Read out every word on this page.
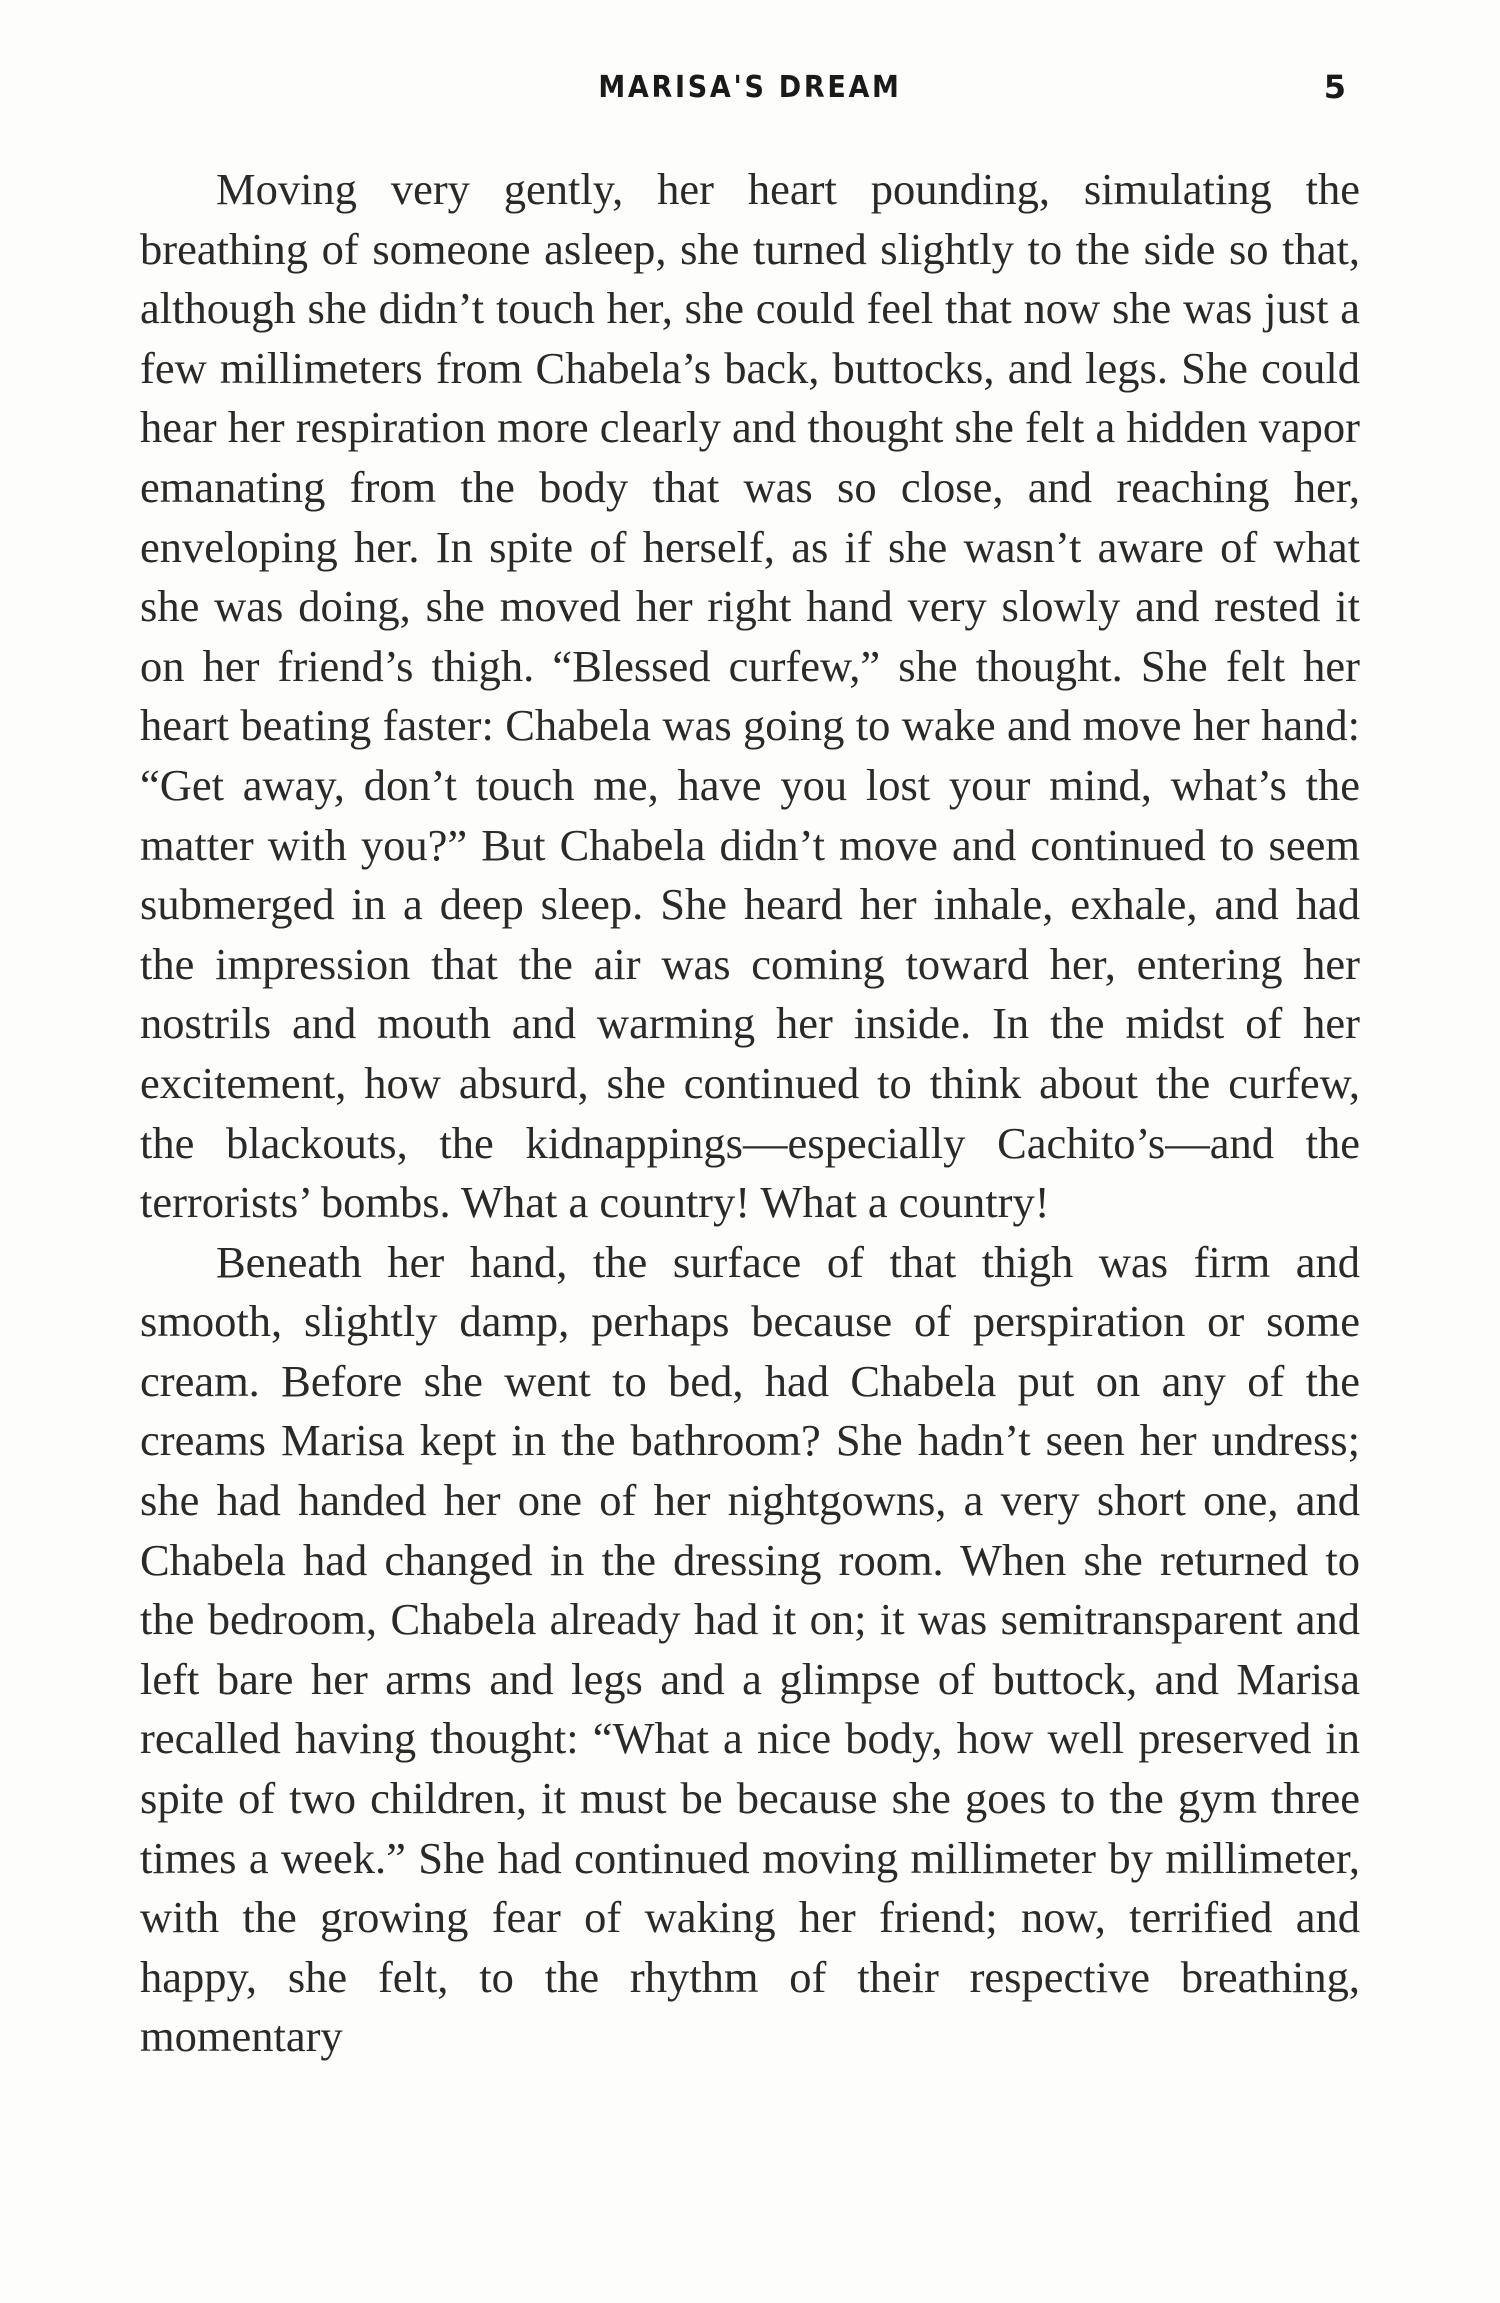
MARISA'S DREAM	5

Moving very gently, her heart pounding, simulating the breathing of someone asleep, she turned slightly to the side so that, although she didn’t touch her, she could feel that now she was just a few millimeters from Chabela’s back, buttocks, and legs. She could hear her respiration more clearly and thought she felt a hidden vapor emanating from the body that was so close, and reaching her, enveloping her. In spite of herself, as if she wasn’t aware of what she was doing, she moved her right hand very slowly and rested it on her friend’s thigh. “Blessed curfew,” she thought. She felt her heart beating faster: Chabela was going to wake and move her hand: “Get away, don’t touch me, have you lost your mind, what’s the matter with you?” But Chabela didn’t move and continued to seem submerged in a deep sleep. She heard her inhale, exhale, and had the impression that the air was coming toward her, entering her nostrils and mouth and warming her inside. In the midst of her excitement, how absurd, she continued to think about the curfew, the blackouts, the kidnappings—especially Cachito’s—and the terrorists’ bombs. What a country! What a country!

Beneath her hand, the surface of that thigh was firm and smooth, slightly damp, perhaps because of perspiration or some cream. Before she went to bed, had Chabela put on any of the creams Marisa kept in the bathroom? She hadn’t seen her undress; she had handed her one of her nightgowns, a very short one, and Chabela had changed in the dressing room. When she returned to the bedroom, Chabela already had it on; it was semitransparent and left bare her arms and legs and a glimpse of buttock, and Marisa recalled having thought: “What a nice body, how well preserved in spite of two children, it must be because she goes to the gym three times a week.” She had continued moving millimeter by millimeter, with the growing fear of waking her friend; now, terrified and happy, she felt, to the rhythm of their respective breathing, momentary
